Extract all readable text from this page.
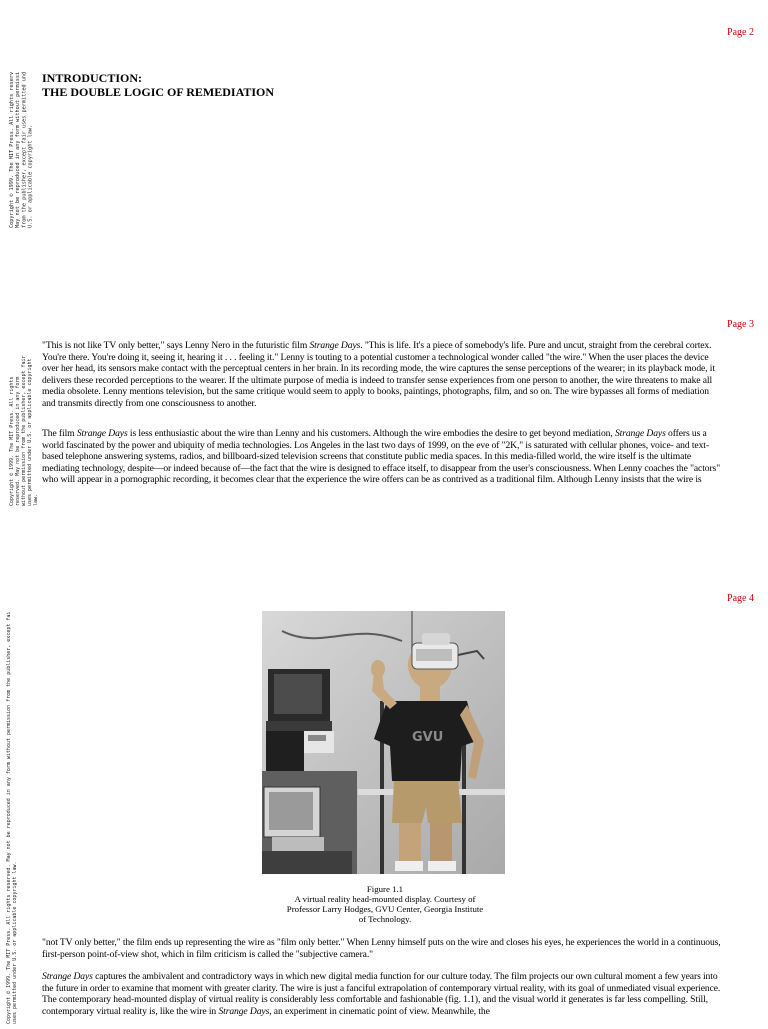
Page 2
Page 3
Page 4
Copyright © 1999. The MIT Press. All rights reserved. May not be reproduced in any form without permission from the publisher, except fair uses permitted under U.S. or applicable copyright law.
Copyright © 1999. The MIT Press. All rights reserved. May not be reproduced in any form without permission from the publisher, except fair uses permitted under U.S. or applicable copyright law.
Copyright © 1999. The MIT Press. All rights reserved. May not be reproduced in any form without permission from the publisher, except fair uses permitted under U.S. or applicable copyright law.
INTRODUCTION:
THE DOUBLE LOGIC OF REMEDIATION

"This is not like TV only better," says Lenny Nero in the futuristic film Strange Days. "This is life. It's a piece of somebody's life. Pure and uncut, straight from the cerebral cortex. You're there. You're doing it, seeing it, hearing it . . . feeling it." Lenny is touting to a potential customer a technological wonder called "the wire." When the user places the device over her head, its sensors make contact with the perceptual centers in her brain. In its recording mode, the wire captures the sense perceptions of the wearer; in its playback mode, it delivers these recorded perceptions to the wearer. If the ultimate purpose of media is indeed to transfer sense experiences from one person to another, the wire threatens to make all media obsolete. Lenny mentions television, but the same critique would seem to apply to books, paintings, photographs, film, and so on. The wire bypasses all forms of mediation and transmits directly from one consciousness to another.

The film Strange Days is less enthusiastic about the wire than Lenny and his customers. Although the wire embodies the desire to get beyond mediation, Strange Days offers us a world fascinated by the power and ubiquity of media technologies. Los Angeles in the last two days of 1999, on the eve of "2K," is saturated with cellular phones, voice- and text-based telephone answering systems, radios, and billboard-sized television screens that constitute public media spaces. In this media-filled world, the wire itself is the ultimate mediating technology, despite—or indeed because of—the fact that the wire is designed to efface itself, to disappear from the user's consciousness. When Lenny coaches the "actors" who will appear in a pornographic recording, it becomes clear that the experience the wire offers can be as contrived as a traditional film. Although Lenny insists that the wire is

GVU

Figure 1.1
A virtual reality head-mounted display. Courtesy of
Professor Larry Hodges, GVU Center, Georgia Institute
of Technology.

"not TV only better," the film ends up representing the wire as "film only better." When Lenny himself puts on the wire and closes his eyes, he experiences the world in a continuous, first-person point-of-view shot, which in film criticism is called the "subjective camera."

Strange Days captures the ambivalent and contradictory ways in which new digital media function for our culture today. The film projects our own cultural moment a few years into the future in order to examine that moment with greater clarity. The wire is just a fanciful extrapolation of contemporary virtual reality, with its goal of unmediated visual experience. The contemporary head-mounted display of virtual reality is considerably less comfortable and fashionable (fig. 1.1), and the visual world it generates is far less compelling. Still, contemporary virtual reality is, like the wire in Strange Days, an experiment in cinematic point of view. Meanwhile, the
